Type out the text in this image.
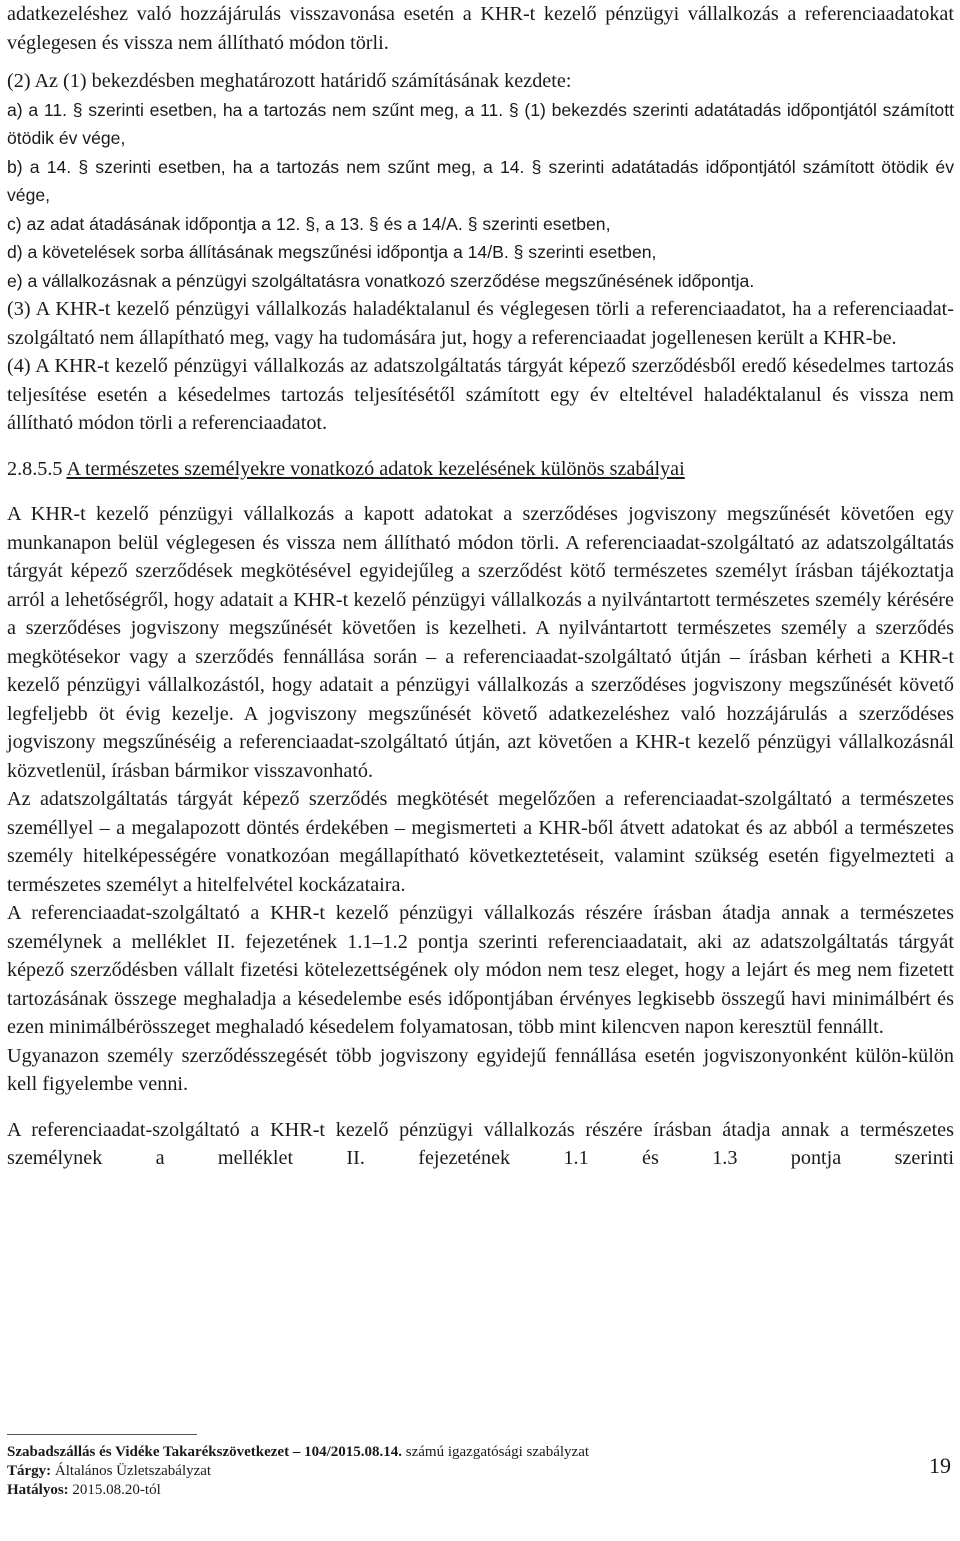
adatkezeléshez való hozzájárulás visszavonása esetén a KHR-t kezelő pénzügyi vállalkozás a referenciaadatokat véglegesen és vissza nem állítható módon törli.

(2) Az (1) bekezdésben meghatározott határidő számításának kezdete:

a) a 11. § szerinti esetben, ha a tartozás nem szűnt meg, a 11. § (1) bekezdés szerinti adatátadás időpontjától számított ötödik év vége,

b) a 14. § szerinti esetben, ha a tartozás nem szűnt meg, a 14. § szerinti adatátadás időpontjától számított ötödik év vége,

c) az adat átadásának időpontja a 12. §, a 13. § és a 14/A. § szerinti esetben,

d) a követelések sorba állításának megszűnési időpontja a 14/B. § szerinti esetben,

e) a vállalkozásnak a pénzügyi szolgáltatásra vonatkozó szerződése megszűnésének időpontja.

(3) A KHR-t kezelő pénzügyi vállalkozás haladéktalanul és véglegesen törli a referenciaadatot, ha a referenciaadat-szolgáltató nem állapítható meg, vagy ha tudomására jut, hogy a referenciaadat jogellenesen került a KHR-be.

(4) A KHR-t kezelő pénzügyi vállalkozás az adatszolgáltatás tárgyát képező szerződésből eredő késedelmes tartozás teljesítése esetén a késedelmes tartozás teljesítésétől számított egy év elteltével haladéktalanul és vissza nem állítható módon törli a referenciaadatot.

2.8.5.5 A természetes személyekre vonatkozó adatok kezelésének különös szabályai

A KHR-t kezelő pénzügyi vállalkozás a kapott adatokat a szerződéses jogviszony megszűnését követően egy munkanapon belül véglegesen és vissza nem állítható módon törli. A referenciaadat-szolgáltató az adatszolgáltatás tárgyát képező szerződések megkötésével egyidejűleg a szerződést kötő természetes személyt írásban tájékoztatja arról a lehetőségről, hogy adatait a KHR-t kezelő pénzügyi vállalkozás a nyilvántartott természetes személy kérésére a szerződéses jogviszony megszűnését követően is kezelheti. A nyilvántartott természetes személy a szerződés megkötésekor vagy a szerződés fennállása során – a referenciaadat-szolgáltató útján – írásban kérheti a KHR-t kezelő pénzügyi vállalkozástól, hogy adatait a pénzügyi vállalkozás a szerződéses jogviszony megszűnését követő legfeljebb öt évig kezelje. A jogviszony megszűnését követő adatkezeléshez való hozzájárulás a szerződéses jogviszony megszűnéséig a referenciaadat-szolgáltató útján, azt követően a KHR-t kezelő pénzügyi vállalkozásnál közvetlenül, írásban bármikor visszavonható.

Az adatszolgáltatás tárgyát képező szerződés megkötését megelőzően a referenciaadat-szolgáltató a természetes személlyel – a megalapozott döntés érdekében – megismerteti a KHR-ből átvett adatokat és az abból a természetes személy hitelképességére vonatkozóan megállapítható következtetéseit, valamint szükség esetén figyelmezteti a természetes személyt a hitelfelvétel kockázataira.

A referenciaadat-szolgáltató a KHR-t kezelő pénzügyi vállalkozás részére írásban átadja annak a természetes személynek a melléklet II. fejezetének 1.1–1.2 pontja szerinti referenciaadatait, aki az adatszolgáltatás tárgyát képező szerződésben vállalt fizetési kötelezettségének oly módon nem tesz eleget, hogy a lejárt és meg nem fizetett tartozásának összege meghaladja a késedelembe esés időpontjában érvényes legkisebb összegű havi minimálbért és ezen minimálbérösszeget meghaladó késedelem folyamatosan, több mint kilencven napon keresztül fennállt.

Ugyanazon személy szerződésszegését több jogviszony egyidejű fennállása esetén jogviszonyonként külön-külön kell figyelembe venni.

A referenciaadat-szolgáltató a KHR-t kezelő pénzügyi vállalkozás részére írásban átadja annak a természetes személynek a melléklet II. fejezetének 1.1 és 1.3 pontja szerinti

Szabadszállás és Vidéke Takarékszövetkezet – 104/2015.08.14. számú igazgatósági szabályzat

Tárgy: Általános Üzletszabályzat

Hatályos: 2015.08.20-tól

19
